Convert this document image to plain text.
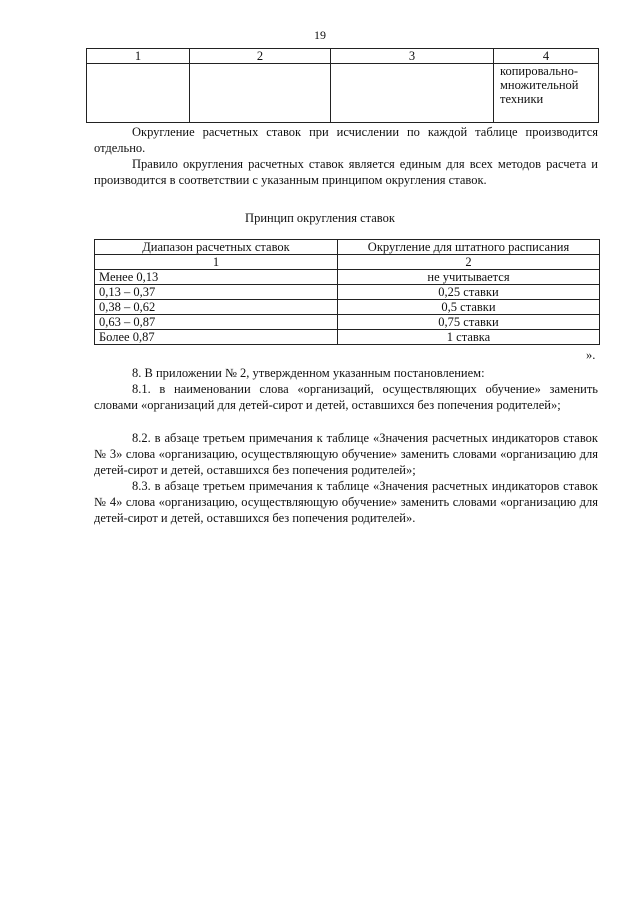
19
1	2	3	4

			копировально-
множительной
техники

Округление расчетных ставок при исчислении по каждой таблице производится отдельно.

Правило округления расчетных ставок является единым для всех методов расчета и производится в соответствии с указанным принципом округления ставок.

Принцип округления ставок
Диапазон расчетных ставок	Округление для штатного расписания
1	2
Менее 0,13	не учитывается
0,13 – 0,37	0,25 ставки
0,38 – 0,62	0,5 ставки
0,63 – 0,87	0,75 ставки
Более 0,87	1 ставка
».

8. В приложении № 2, утвержденном указанным постановлением:

8.1. в наименовании слова «организаций, осуществляющих обучение» заменить словами «организаций для детей-сирот и детей, оставшихся без попечения родителей»;

8.2. в абзаце третьем примечания к таблице «Значения расчетных индикаторов ставок № 3» слова «организацию, осуществляющую обучение» заменить словами «организацию для детей-сирот и детей, оставшихся без попечения родителей»;

8.3. в абзаце третьем примечания к таблице «Значения расчетных индикаторов ставок № 4» слова «организацию, осуществляющую обучение» заменить словами «организацию для детей-сирот и детей, оставшихся без попечения родителей».
